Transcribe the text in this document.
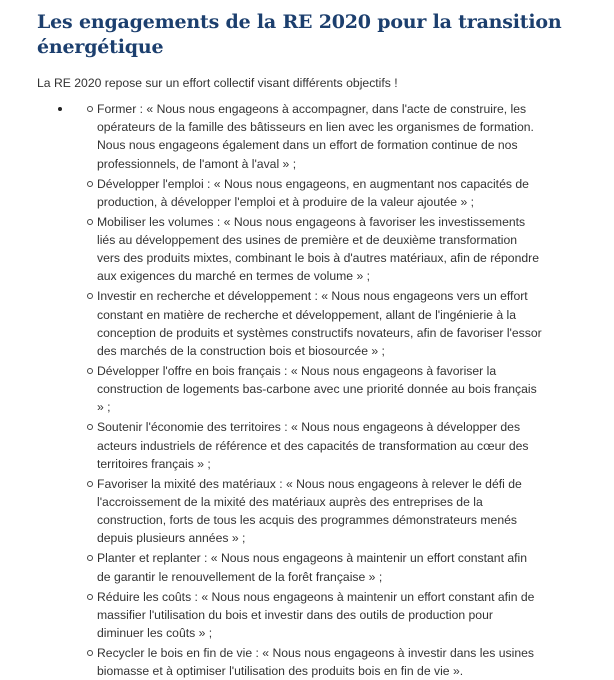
Les engagements de la RE 2020 pour la transition énergétique

La RE 2020 repose sur un effort collectif visant différents objectifs !

Former : « Nous nous engageons à accompagner, dans l'acte de construire, les opérateurs de la famille des bâtisseurs en lien avec les organismes de formation. Nous nous engageons également dans un effort de formation continue de nos professionnels, de l'amont à l'aval » ;
Développer l'emploi : « Nous nous engageons, en augmentant nos capacités de production, à développer l'emploi et à produire de la valeur ajoutée » ;
Mobiliser les volumes : « Nous nous engageons à favoriser les investissements liés au développement des usines de première et de deuxième transformation vers des produits mixtes, combinant le bois à d'autres matériaux, afin de répondre aux exigences du marché en termes de volume » ;
Investir en recherche et développement : « Nous nous engageons vers un effort constant en matière de recherche et développement, allant de l'ingénierie à la conception de produits et systèmes constructifs novateurs, afin de favoriser l'essor des marchés de la construction bois et biosourcée » ;
Développer l'offre en bois français : « Nous nous engageons à favoriser la construction de logements bas-carbone avec une priorité donnée au bois français » ;
Soutenir l'économie des territoires : « Nous nous engageons à développer des acteurs industriels de référence et des capacités de transformation au cœur des territoires français » ;
Favoriser la mixité des matériaux : « Nous nous engageons à relever le défi de l'accroissement de la mixité des matériaux auprès des entreprises de la construction, forts de tous les acquis des programmes démonstrateurs menés depuis plusieurs années » ;
Planter et replanter : « Nous nous engageons à maintenir un effort constant afin de garantir le renouvellement de la forêt française » ;
Réduire les coûts : « Nous nous engageons à maintenir un effort constant afin de massifier l'utilisation du bois et investir dans des outils de production pour diminuer les coûts » ;
Recycler le bois en fin de vie : « Nous nous engageons à investir dans les usines biomasse et à optimiser l'utilisation des produits bois en fin de vie ».
